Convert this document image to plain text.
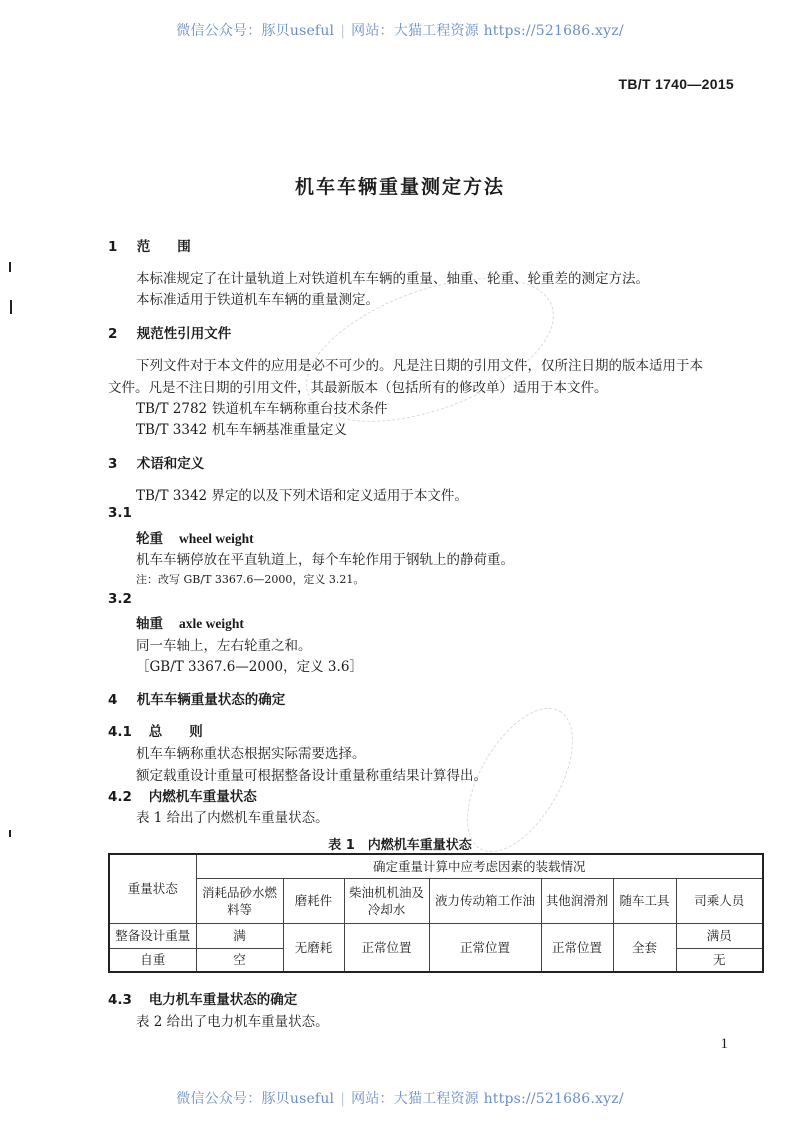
微信公众号：豚贝useful | 网站：大猫工程资源 https://521686.xyz/
TB/T 1740—2015
机车车辆重量测定方法
1 范　　围
本标准规定了在计量轨道上对铁道机车车辆的重量、轴重、轮重、轮重差的测定方法。
本标准适用于铁道机车车辆的重量测定。
2 规范性引用文件
下列文件对于本文件的应用是必不可少的。凡是注日期的引用文件，仅所注日期的版本适用于本
文件。凡是不注日期的引用文件，其最新版本（包括所有的修改单）适用于本文件。
TB/T 2782 铁道机车车辆称重台技术条件
TB/T 3342 机车车辆基准重量定义
3 术语和定义
TB/T 3342 界定的以及下列术语和定义适用于本文件。
3.1
轮重 wheel weight
机车车辆停放在平直轨道上，每个车轮作用于钢轨上的静荷重。
注：改写 GB/T 3367.6—2000，定义 3.21。
3.2
轴重 axle weight
同一车轴上，左右轮重之和。
［GB/T 3367.6—2000，定义 3.6］
4 机车车辆重量状态的确定
4.1 总　　则
机车车辆称重状态根据实际需要选择。
额定载重设计重量可根据整备设计重量称重结果计算得出。
4.2 内燃机车重量状态
表 1 给出了内燃机车重量状态。
表 1　内燃机车重量状态
重量状态	确定重量计算中应考虑因素的装载情况						
	消耗品砂水燃料等	磨耗件	柴油机机油及冷却水	液力传动箱工作油	其他润滑剂	随车工具	司乘人员
整备设计重量	满	无磨耗	正常位置	正常位置	正常位置	全套	满员
自重	空						无
4.3 电力机车重量状态的确定
表 2 给出了电力机车重量状态。
1
微信公众号：豚贝useful | 网站：大猫工程资源 https://521686.xyz/
